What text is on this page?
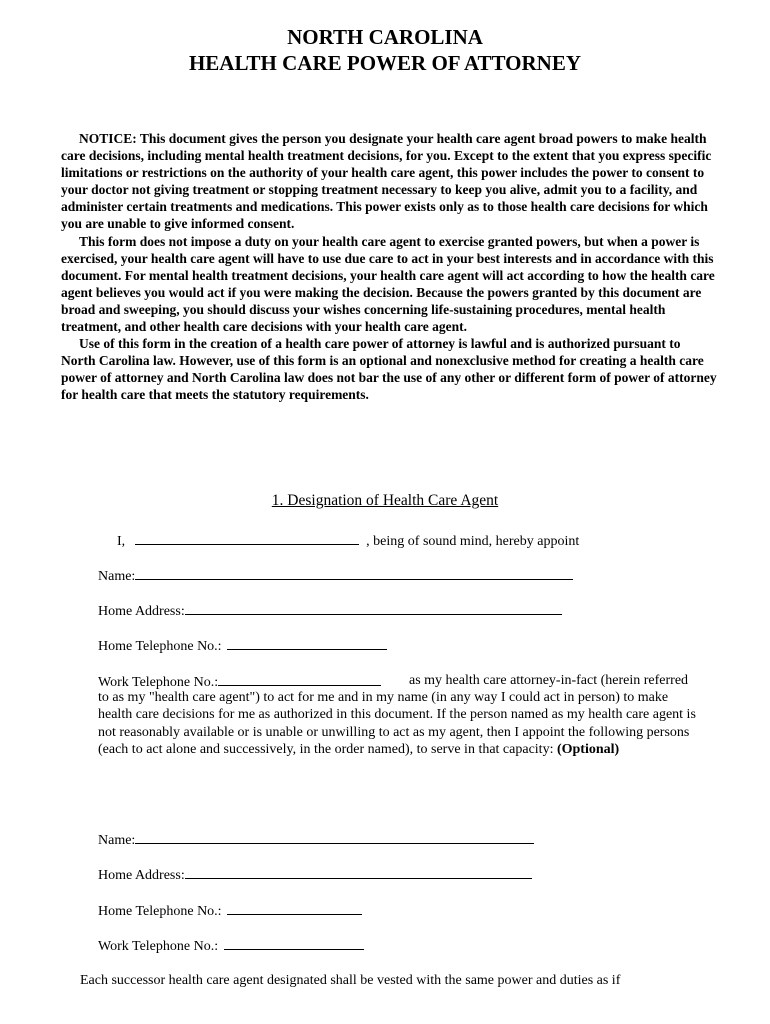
NORTH CAROLINA
HEALTH CARE POWER OF ATTORNEY

NOTICE: This document gives the person you designate your health care agent broad powers to make health care decisions, including mental health treatment decisions, for you. Except to the extent that you express specific limitations or restrictions on the authority of your health care agent, this power includes the power to consent to your doctor not giving treatment or stopping treatment necessary to keep you alive, admit you to a facility, and administer certain treatments and medications. This power exists only as to those health care decisions for which you are unable to give informed consent.

This form does not impose a duty on your health care agent to exercise granted powers, but when a power is exercised, your health care agent will have to use due care to act in your best interests and in accordance with this document. For mental health treatment decisions, your health care agent will act according to how the health care agent believes you would act if you were making the decision. Because the powers granted by this document are broad and sweeping, you should discuss your wishes concerning life-sustaining procedures, mental health treatment, and other health care decisions with your health care agent.

Use of this form in the creation of a health care power of attorney is lawful and is authorized pursuant to North Carolina law. However, use of this form is an optional and nonexclusive method for creating a health care power of attorney and North Carolina law does not bar the use of any other or different form of power of attorney for health care that meets the statutory requirements.

1. Designation of Health Care Agent
I,	, being of sound mind, hereby appoint
Name:
Home Address:
Home Telephone No.:
Work Telephone No.:	as my health care attorney-in-fact (herein referred to as my "health care agent") to act for me and in my name (in any way I could act in person) to make health care decisions for me as authorized in this document. If the person named as my health care agent is not reasonably available or is unable or unwilling to act as my agent, then I appoint the following persons (each to act alone and successively, in the order named), to serve in that capacity: (Optional)
Name:
Home Address:
Home Telephone No.:
Work Telephone No.:
Each successor health care agent designated shall be vested with the same power and duties as if
